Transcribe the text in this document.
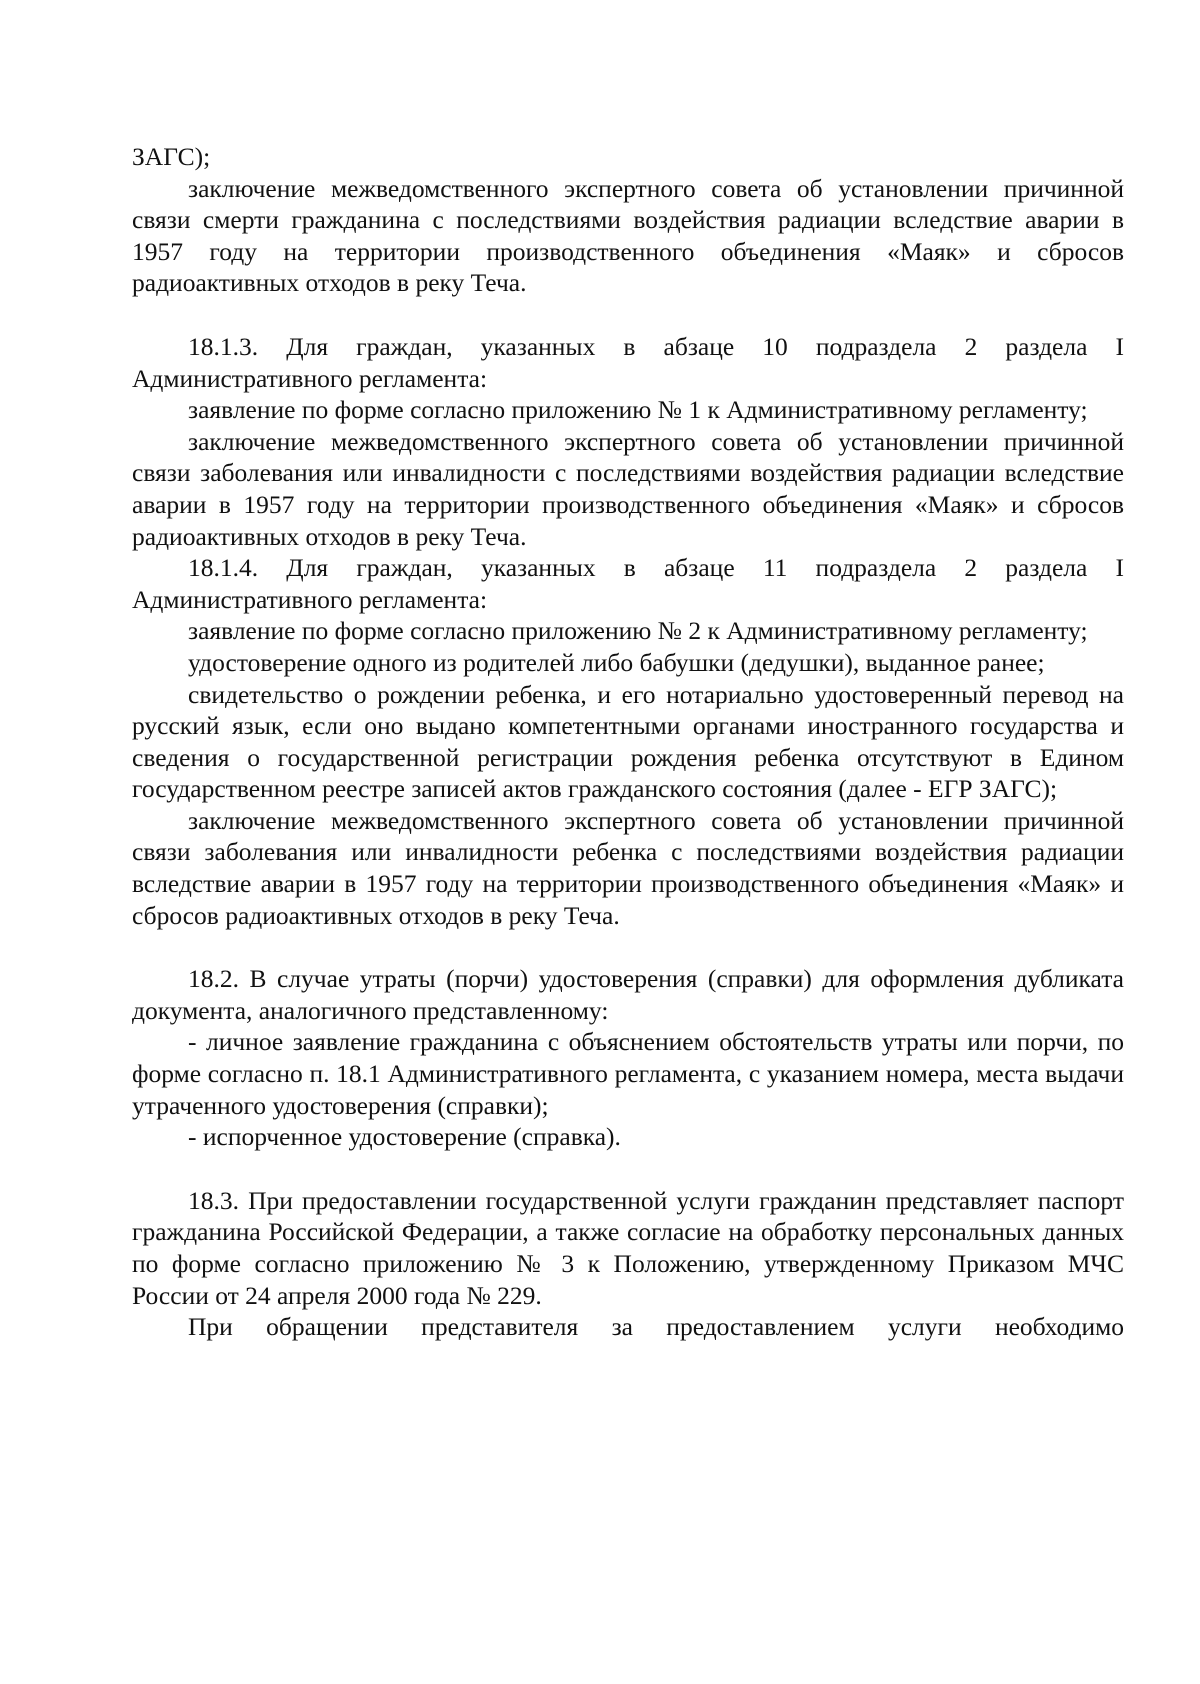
ЗАГС);

заключение межведомственного экспертного совета об установлении причинной связи смерти гражданина с последствиями воздействия радиации вследствие аварии в 1957 году на территории производственного объединения «Маяк» и сбросов радиоактивных отходов в реку Теча.

18.1.3. Для граждан, указанных в абзаце 10 подраздела 2 раздела I Административного регламента:

заявление по форме согласно приложению № 1 к Административному регламенту;

заключение межведомственного экспертного совета об установлении причинной связи заболевания или инвалидности с последствиями воздействия радиации вследствие аварии в 1957 году на территории производственного объединения «Маяк» и сбросов радиоактивных отходов в реку Теча.

18.1.4. Для граждан, указанных в абзаце 11 подраздела 2 раздела I Административного регламента:

заявление по форме согласно приложению № 2 к Административному регламенту;

удостоверение одного из родителей либо бабушки (дедушки), выданное ранее;

свидетельство о рождении ребенка, и его нотариально удостоверенный перевод на русский язык, если оно выдано компетентными органами иностранного государства и сведения о государственной регистрации рождения ребенка отсутствуют в Едином государственном реестре записей актов гражданского состояния (далее - ЕГР ЗАГС);

заключение межведомственного экспертного совета об установлении причинной связи заболевания или инвалидности ребенка с последствиями воздействия радиации вследствие аварии в 1957 году на территории производственного объединения «Маяк» и сбросов радиоактивных отходов в реку Теча.

18.2. В случае утраты (порчи) удостоверения (справки) для оформления дубликата документа, аналогичного представленному:

- личное заявление гражданина с объяснением обстоятельств утраты или порчи, по форме согласно п. 18.1 Административного регламента, с указанием номера, места выдачи утраченного удостоверения (справки);

- испорченное удостоверение (справка).

18.3. При предоставлении государственной услуги гражданин представляет паспорт гражданина Российской Федерации, а также согласие на обработку персональных данных по форме согласно приложению № 3 к Положению, утвержденному Приказом МЧС России от 24 апреля 2000 года № 229.

При обращении представителя за предоставлением услуги необходимо
